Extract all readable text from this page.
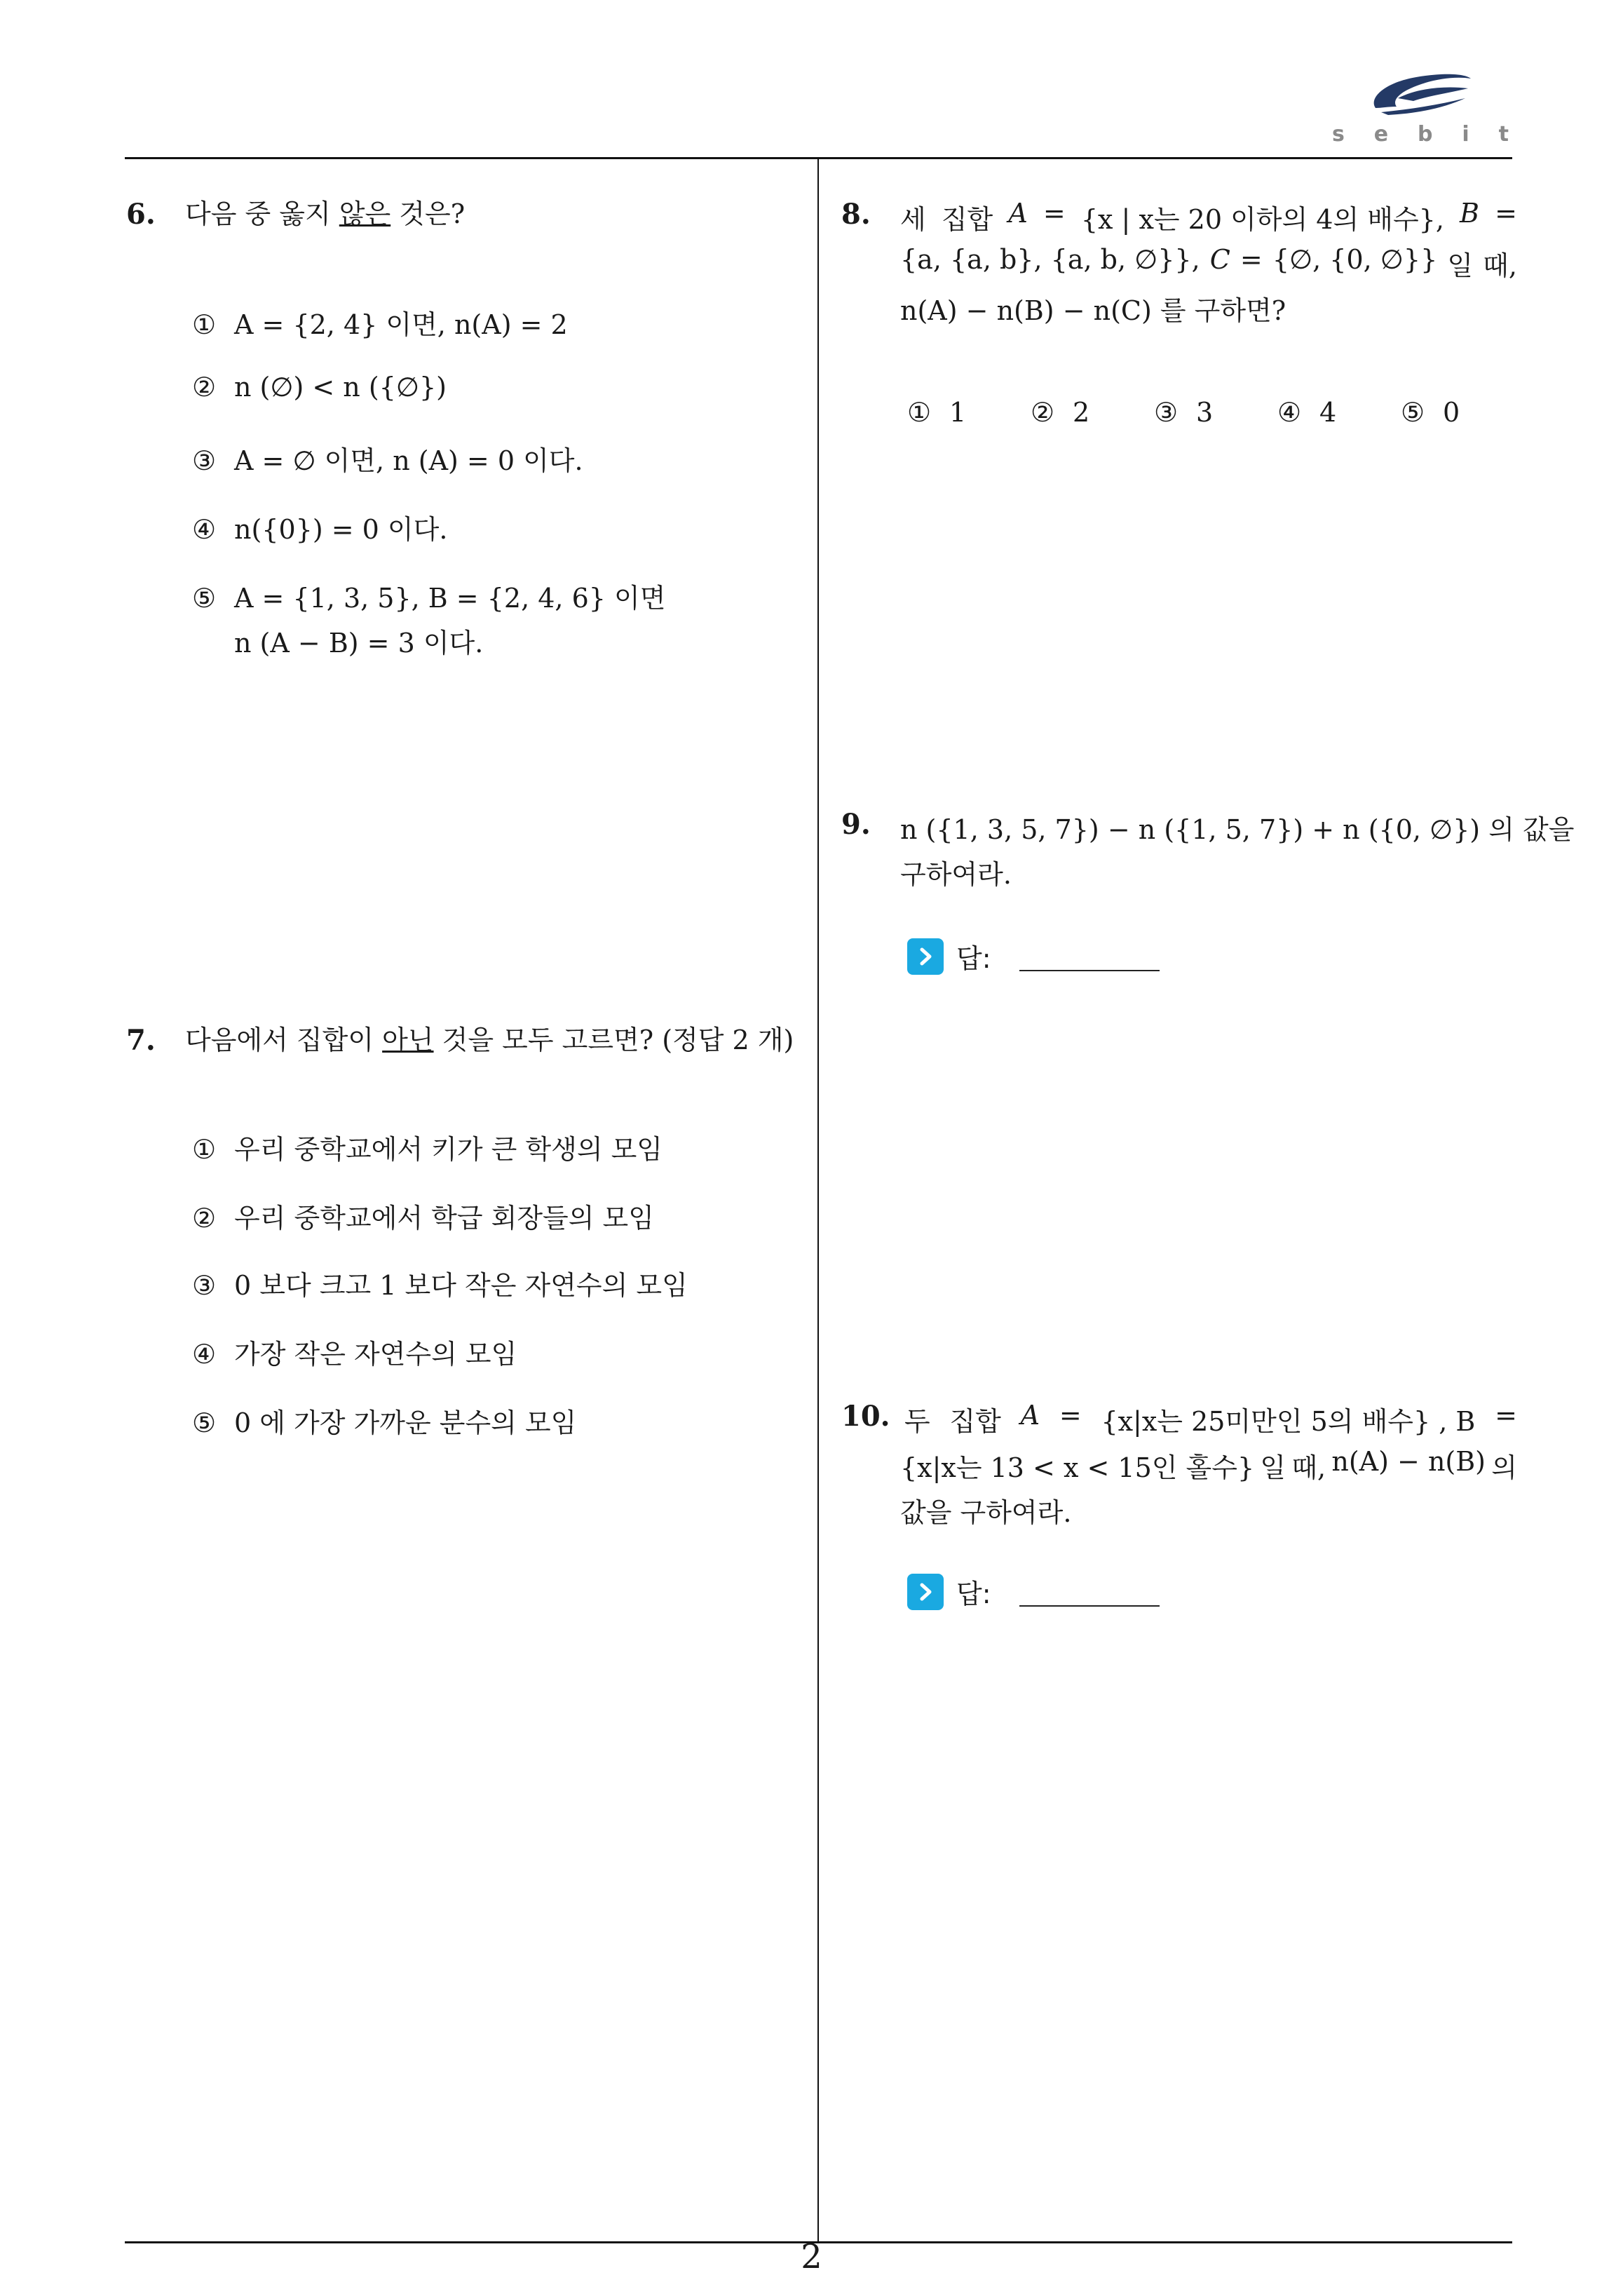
s e b i t
6. 다음 중 옳지 않은 것은?
① A = {2, 4} 이면, n(A) = 2
② n (∅) < n ({∅})
③ A = ∅ 이면, n (A) = 0 이다.
④ n({0}) = 0 이다.
⑤ A = {1, 3, 5}, B = {2, 4, 6} 이면
n (A − B) = 3 이다.
7. 다음에서 집합이 아닌 것을 모두 고르면? (정답 2 개)
① 우리 중학교에서 키가 큰 학생의 모임
② 우리 중학교에서 학급 회장들의 모임
③ 0 보다 크고 1 보다 작은 자연수의 모임
④ 가장 작은 자연수의 모임
⑤ 0 에 가장 가까운 분수의 모임
8. 세 집합 A = {x | x는 20 이하의 4의 배수}, B =
{a, {a, b}, {a, b, ∅}}, C = {∅, {0, ∅}} 일 때,
n(A) − n(B) − n(C) 를 구하면?
① 1 ② 2 ③ 3 ④ 4 ⑤ 0
9. n ({1, 3, 5, 7}) − n ({1, 5, 7}) + n ({0, ∅}) 의 값을
구하여라.
답:
10. 두 집합 A = {x|x는 25미만인 5의 배수} , B =
{x|x는 13 < x < 15인 홀수} 일 때, n(A) − n(B) 의
값을 구하여라.
답:
2
